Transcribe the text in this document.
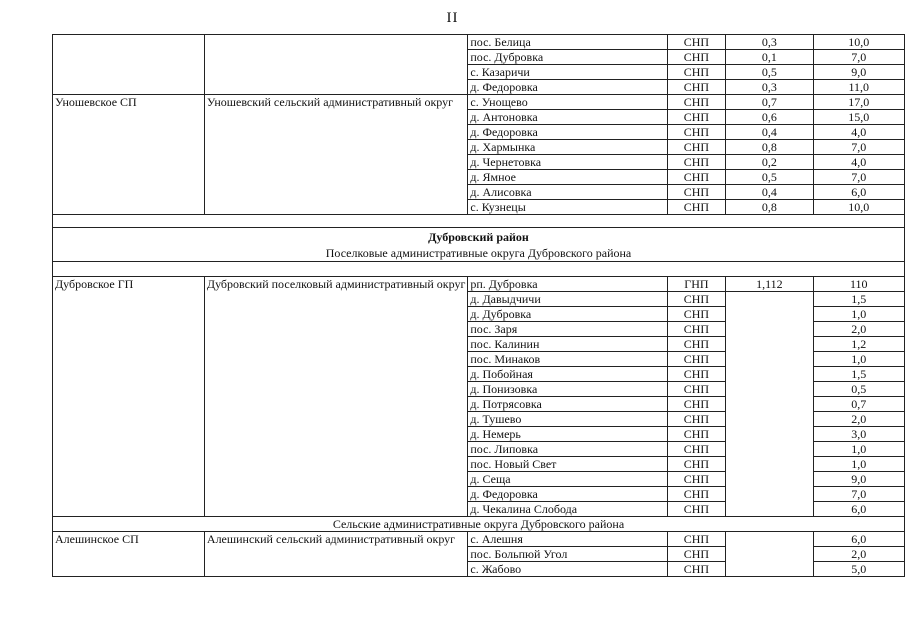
II
		пос. Белица	СНП	0,3	10,0
		пос. Дубровка	СНП	0,1	7,0
		с. Казаричи	СНП	0,5	9,0
		д. Федоровка	СНП	0,3	11,0
Уношевское СП	Уношевский сельский административный округ	с. Унощево	СНП	0,7	17,0
		д. Антоновка	СНП	0,6	15,0
		д. Федоровка	СНП	0,4	4,0
		д. Хармынка	СНП	0,8	7,0
		д. Чернетовка	СНП	0,2	4,0
		д. Ямное	СНП	0,5	7,0
		д. Алисовка	СНП	0,4	6,0
		с. Кузнецы	СНП	0,8	10,0

Дубровский район					
Поселковые административные округа Дубровского района					

Дубровское ГП	Дубровский поселковый административный округ	рп. Дубровка	ГНП	1,112	110
		д. Давыдчичи	СНП		1,5
		д. Дубровка	СНП		1,0
		пос. Заря	СНП		2,0
		пос. Калинин	СНП		1,2
		пос. Минаков	СНП		1,0
		д. Побойная	СНП		1,5
		д. Понизовка	СНП		0,5
		д. Потрясовка	СНП		0,7
		д. Тушево	СНП		2,0
		д. Немерь	СНП		3,0
		пос. Липовка	СНП		1,0
		пос. Новый Свет	СНП		1,0
		д. Сеща	СНП		9,0
		д. Федоровка	СНП		7,0
		д. Чекалина Слобода	СНП		6,0
Сельские административные округа Дубровского района					
Алешинское СП	Алешинский сельский административный округ	с. Алешня	СНП		6,0
		пос. Больпюй Угол	СНП		2,0
		с. Жабово	СНП		5,0
